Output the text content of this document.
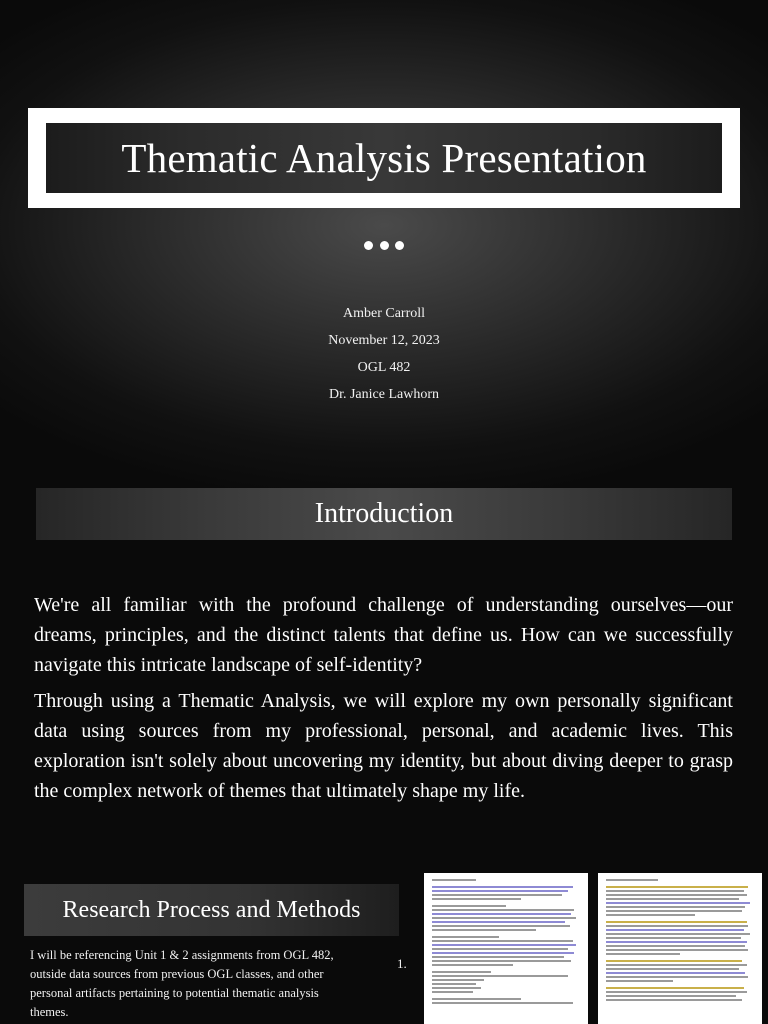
Thematic Analysis Presentation
Amber Carroll
November 12, 2023
OGL 482
Dr. Janice Lawhorn
Introduction

We're all familiar with the profound challenge of understanding ourselves—our dreams, principles, and the distinct talents that define us. How can we successfully navigate this intricate landscape of self-identity?

Through using a Thematic Analysis, we will explore my own personally significant data using sources from my professional, personal, and academic lives. This exploration isn't solely about uncovering my identity, but about diving deeper to grasp the complex network of themes that ultimately shape my life.

Research Process and Methods
I will be referencing Unit 1 & 2 assignments from OGL 482, outside data sources from previous OGL classes, and other personal artifacts pertaining to potential thematic analysis themes.
1.
